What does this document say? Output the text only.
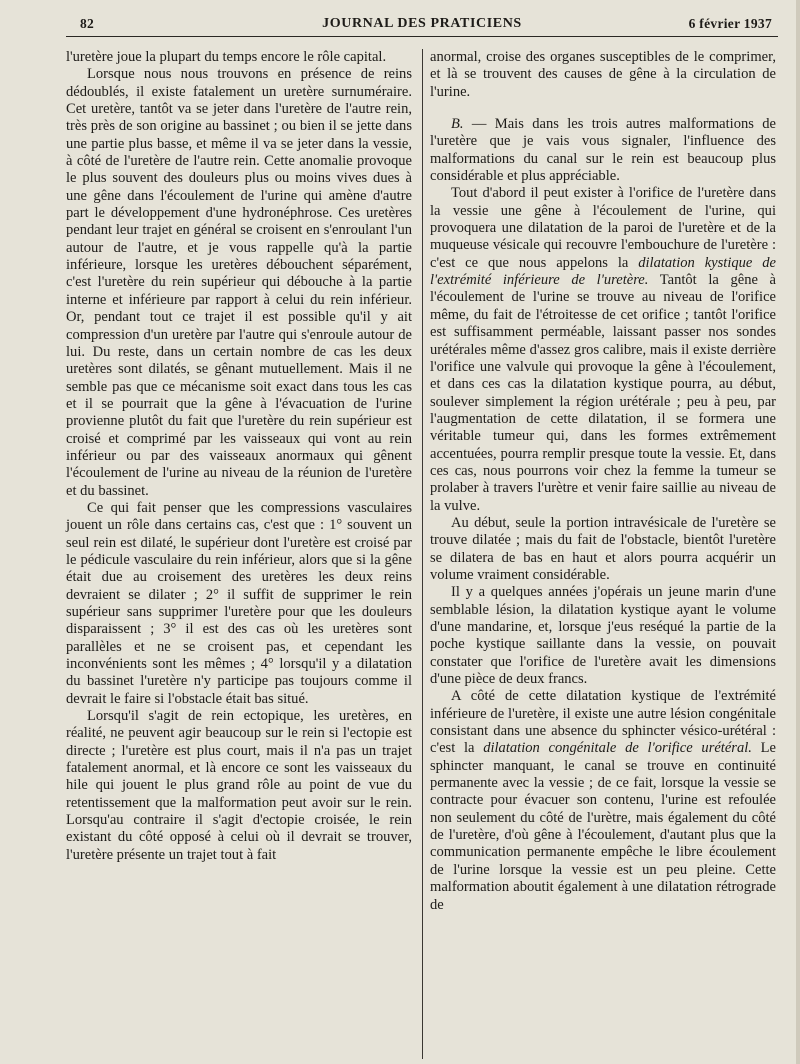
82	JOURNAL DES PRATICIENS	6 février 1937

l'uretère joue la plupart du temps encore le rôle capital.

Lorsque nous nous trouvons en présence de reins dédoublés, il existe fatalement un uretère surnuméraire. Cet uretère, tantôt va se jeter dans l'uretère de l'autre rein, très près de son origine au bassinet ; ou bien il se jette dans une partie plus basse, et même il va se jeter dans la vessie, à côté de l'uretère de l'autre rein. Cette anomalie provoque le plus souvent des douleurs plus ou moins vives dues à une gêne dans l'écoulement de l'urine qui amène d'autre part le développement d'une hydronéphrose. Ces uretères pendant leur trajet en général se croisent en s'enroulant l'un autour de l'autre, et je vous rappelle qu'à la partie inférieure, lorsque les uretères débouchent séparément, c'est l'uretère du rein supérieur qui débouche à la partie interne et inférieure par rapport à celui du rein inférieur. Or, pendant tout ce trajet il est possible qu'il y ait compression d'un uretère par l'autre qui s'enroule autour de lui. Du reste, dans un certain nombre de cas les deux uretères sont dilatés, se gênant mutuellement. Mais il ne semble pas que ce mécanisme soit exact dans tous les cas et il se pourrait que la gêne à l'évacuation de l'urine provienne plutôt du fait que l'uretère du rein supérieur est croisé et comprimé par les vaisseaux qui vont au rein inférieur ou par des vaisseaux anormaux qui gênent l'écoulement de l'urine au niveau de la réunion de l'uretère et du bassinet.

Ce qui fait penser que les compressions vasculaires jouent un rôle dans certains cas, c'est que : 1° souvent un seul rein est dilaté, le supérieur dont l'uretère est croisé par le pédicule vasculaire du rein inférieur, alors que si la gêne était due au croisement des uretères les deux reins devraient se dilater ; 2° il suffit de supprimer le rein supérieur sans supprimer l'uretère pour que les douleurs disparaissent ; 3° il est des cas où les uretères sont parallèles et ne se croisent pas, et cependant les inconvénients sont les mêmes ; 4° lorsqu'il y a dilatation du bassinet l'uretère n'y participe pas toujours comme il devrait le faire si l'obstacle était bas situé.

Lorsqu'il s'agit de rein ectopique, les uretères, en réalité, ne peuvent agir beaucoup sur le rein si l'ectopie est directe ; l'uretère est plus court, mais il n'a pas un trajet fatalement anormal, et là encore ce sont les vaisseaux du hile qui jouent le plus grand rôle au point de vue du retentissement que la malformation peut avoir sur le rein. Lorsqu'au contraire il s'agit d'ectopie croisée, le rein existant du côté opposé à celui où il devrait se trouver, l'uretère présente un trajet tout à fait

anormal, croise des organes susceptibles de le comprimer, et là se trouvent des causes de gêne à la circulation de l'urine.

B. — Mais dans les trois autres malformations de l'uretère que je vais vous signaler, l'influence des malformations du canal sur le rein est beaucoup plus considérable et plus appréciable.

Tout d'abord il peut exister à l'orifice de l'uretère dans la vessie une gêne à l'écoulement de l'urine, qui provoquera une dilatation de la paroi de l'uretère et de la muqueuse vésicale qui recouvre l'embouchure de l'uretère : c'est ce que nous appelons la dilatation kystique de l'extrémité inférieure de l'uretère. Tantôt la gêne à l'écoulement de l'urine se trouve au niveau de l'orifice même, du fait de l'étroitesse de cet orifice ; tantôt l'orifice est suffisamment perméable, laissant passer nos sondes urétérales même d'assez gros calibre, mais il existe derrière l'orifice une valvule qui provoque la gêne à l'écoulement, et dans ces cas la dilatation kystique pourra, au début, soulever simplement la région urétérale ; peu à peu, par l'augmentation de cette dilatation, il se formera une véritable tumeur qui, dans les formes extrêmement accentuées, pourra remplir presque toute la vessie. Et, dans ces cas, nous pourrons voir chez la femme la tumeur se prolaber à travers l'urètre et venir faire saillie au niveau de la vulve.

Au début, seule la portion intravésicale de l'uretère se trouve dilatée ; mais du fait de l'obstacle, bientôt l'uretère se dilatera de bas en haut et alors pourra acquérir un volume vraiment considérable.

Il y a quelques années j'opérais un jeune marin d'une semblable lésion, la dilatation kystique ayant le volume d'une mandarine, et, lorsque j'eus reséqué la partie de la poche kystique saillante dans la vessie, on pouvait constater que l'orifice de l'uretère avait les dimensions d'une pièce de deux francs.

A côté de cette dilatation kystique de l'extrémité inférieure de l'uretère, il existe une autre lésion congénitale consistant dans une absence du sphincter vésico-urétéral : c'est la dilatation congénitale de l'orifice urétéral. Le sphincter manquant, le canal se trouve en continuité permanente avec la vessie ; de ce fait, lorsque la vessie se contracte pour évacuer son contenu, l'urine est refoulée non seulement du côté de l'urètre, mais également du côté de l'uretère, d'où gêne à l'écoulement, d'autant plus que la communication permanente empêche le libre écoulement de l'urine lorsque la vessie est un peu pleine. Cette malformation aboutit également à une dilatation rétrograde de
